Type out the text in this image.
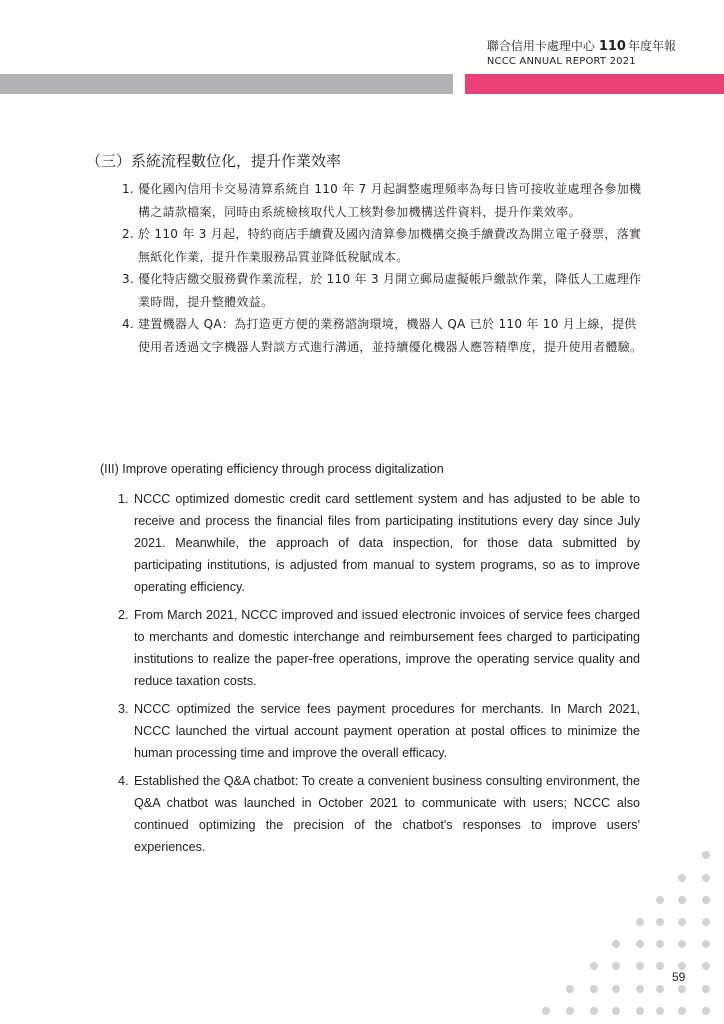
聯合信用卡處理中心 110 年度年報
NCCC ANNUAL REPORT 2021
（三）系統流程數位化，提升作業效率
1. 優化國內信用卡交易清算系統自 110 年 7 月起調整處理頻率為每日皆可接收並處理各參加機構之請款檔案，同時由系統檢核取代人工核對參加機構送件資料，提升作業效率。
2. 於 110 年 3 月起，特約商店手續費及國內清算參加機構交換手續費改為開立電子發票，落實無紙化作業，提升作業服務品質並降低稅賦成本。
3. 優化特店繳交服務費作業流程，於 110 年 3 月開立郵局虛擬帳戶繳款作業，降低人工處理作業時間，提升整體效益。
4. 建置機器人 QA：為打造更方便的業務諮詢環境，機器人 QA 已於 110 年 10 月上線，提供使用者透過文字機器人對談方式進行溝通，並持續優化機器人應答精準度，提升使用者體驗。
(III) Improve operating efficiency through process digitalization
1. NCCC optimized domestic credit card settlement system and has adjusted to be able to receive and process the financial files from participating institutions every day since July 2021. Meanwhile, the approach of data inspection, for those data submitted by participating institutions, is adjusted from manual to system programs, so as to improve operating efficiency.
2. From March 2021, NCCC improved and issued electronic invoices of service fees charged to merchants and domestic interchange and reimbursement fees charged to participating institutions to realize the paper-free operations, improve the operating service quality and reduce taxation costs.
3. NCCC optimized the service fees payment procedures for merchants. In March 2021, NCCC launched the virtual account payment operation at postal offices to minimize the human processing time and improve the overall efficacy.
4. Established the Q&A chatbot: To create a convenient business consulting environment, the Q&A chatbot was launched in October 2021 to communicate with users; NCCC also continued optimizing the precision of the chatbot's responses to improve users' experiences.
59
